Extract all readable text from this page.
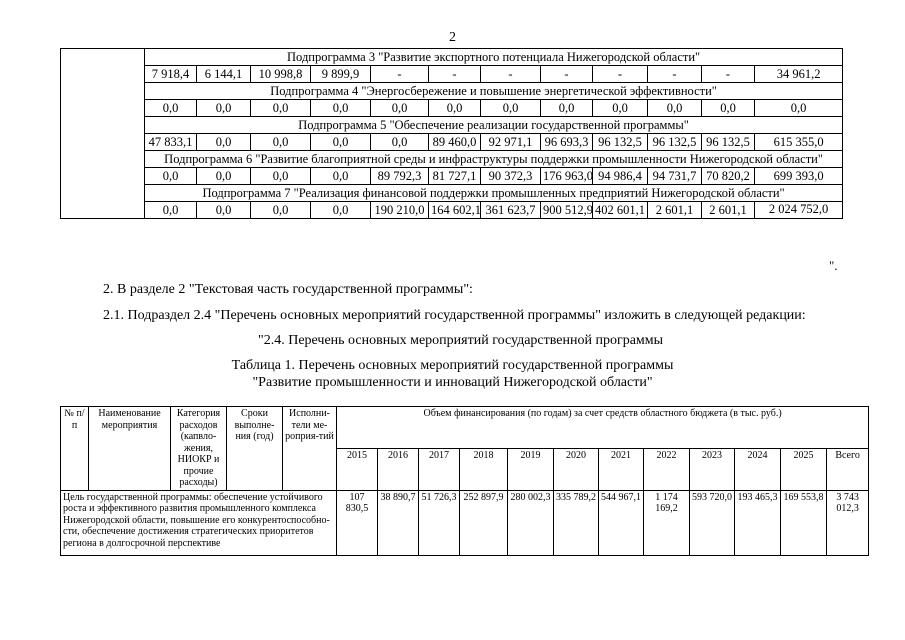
2
	Подпрограмма 3 "Развитие экспортного потенциала Нижегородской области"											
	7 918,4	6 144,1	10 998,8	9 899,9	-	-	-	-	-	-	-	34 961,2
	Подпрограмма 4 "Энергосбережение и повышение энергетической эффективности"											
	0,0	0,0	0,0	0,0	0,0	0,0	0,0	0,0	0,0	0,0	0,0	0,0
	Подпрограмма 5 "Обеспечение реализации государственной программы"											
	47 833,1	0,0	0,0	0,0	0,0	89 460,0	92 971,1	96 693,3	96 132,5	96 132,5	96 132,5	615 355,0
	Подпрограмма 6 "Развитие благоприятной среды и инфраструктуры поддержки промышленности Нижегородской области"											
	0,0	0,0	0,0	0,0	89 792,3	81 727,1	90 372,3	176 963,0	94 986,4	94 731,7	70 820,2	699 393,0
	Подпрограмма 7 "Реализация финансовой поддержки промышленных предприятий Нижегородской области"											
	0,0	0,0	0,0	0,0	190 210,0	164 602,1	361 623,7	900 512,9	402 601,1	2 601,1	2 601,1	2 024 752,0
".
2. В разделе 2 "Текстовая часть государственной программы":
2.1. Подраздел 2.4 "Перечень основных мероприятий государственной программы" изложить в следующей редакции:
"2.4. Перечень основных мероприятий государственной программы
Таблица 1. Перечень основных мероприятий государственной программы
"Развитие промышленности и инноваций Нижегородской области"
№ п/п	Наименование мероприятия	Категория расходов (капвло-жения, НИОКР и прочие расходы)	Сроки выполне-ния (год)	Исполни-тели ме-роприя-тий	Объем финансирования (по годам) за счет средств областного бюджета (в тыс. руб.)											
					2015	2016	2017	2018	2019	2020	2021	2022	2023	2024	2025	Всего
Цель государственной программы: обеспечение устойчивого роста и эффективного развития промышленного комплекса Нижегородской области, повышение его конкурентоспособно-сти, обеспечение достижения стратегических приоритетов региона в долгосрочной перспективе					107 830,5	38 890,7	51 726,3	252 897,9	280 002,3	335 789,2	544 967,1	1 174 169,2	593 720,0	193 465,3	169 553,8	3 743 012,3
